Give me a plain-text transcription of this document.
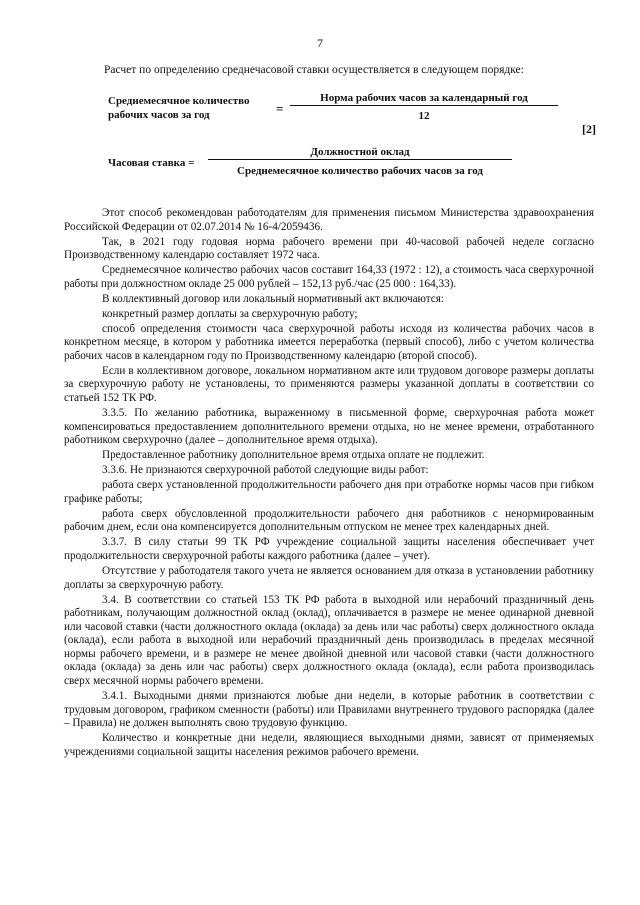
7
Расчет по определению среднечасовой ставки осуществляется в следующем порядке:
Среднемесячное количество
рабочих часов за год	=
Норма рабочих часов за календарный год
12
[2]
Часовая ставка =
Должностной оклад
Среднемесячное количество рабочих часов за год

Этот способ рекомендован работодателям для применения письмом Министерства здравоохранения Российской Федерации от 02.07.2014 № 16-4/2059436.

Так, в 2021 году годовая норма рабочего времени при 40-часовой рабочей неделе согласно Производственному календарю составляет 1972 часа.

Среднемесячное количество рабочих часов составит 164,33 (1972 : 12), а стоимость часа сверхурочной работы при должностном окладе 25 000 рублей – 152,13 руб./час (25 000 : 164,33).

В коллективный договор или локальный нормативный акт включаются:

конкретный размер доплаты за сверхурочную работу;

способ определения стоимости часа сверхурочной работы исходя из количества рабочих часов в конкретном месяце, в котором у работника имеется переработка (первый способ), либо с учетом количества рабочих часов в календарном году по Производственному календарю (второй способ).

Если в коллективном договоре, локальном нормативном акте или трудовом договоре размеры доплаты за сверхурочную работу не установлены, то применяются размеры указанной доплаты в соответствии со статьей 152 ТК РФ.

3.3.5. По желанию работника, выраженному в письменной форме, сверхурочная работа может компенсироваться предоставлением дополнительного времени отдыха, но не менее времени, отработанного работником сверхурочно (далее – дополнительное время отдыха).

Предоставленное работнику дополнительное время отдыха оплате не подлежит.

3.3.6. Не признаются сверхурочной работой следующие виды работ:

работа сверх установленной продолжительности рабочего дня при отработке нормы часов при гибком графике работы;

работа сверх обусловленной продолжительности рабочего дня работников с ненормированным рабочим днем, если она компенсируется дополнительным отпуском не менее трех календарных дней.

3.3.7. В силу статьи 99 ТК РФ учреждение социальной защиты населения обеспечивает учет продолжительности сверхурочной работы каждого работника (далее – учет).

Отсутствие у работодателя такого учета не является основанием для отказа в установлении работнику доплаты за сверхурочную работу.

3.4. В соответствии со статьей 153 ТК РФ работа в выходной или нерабочий праздничный день работникам, получающим должностной оклад (оклад), оплачивается в размере не менее одинарной дневной или часовой ставки (части должностного оклада (оклада) за день или час работы) сверх должностного оклада (оклада), если работа в выходной или нерабочий праздничный день производилась в пределах месячной нормы рабочего времени, и в размере не менее двойной дневной или часовой ставки (части должностного оклада (оклада) за день или час работы) сверх должностного оклада (оклада), если работа производилась сверх месячной нормы рабочего времени.

3.4.1. Выходными днями признаются любые дни недели, в которые работник в соответствии с трудовым договором, графиком сменности (работы) или Правилами внутреннего трудового распорядка (далее – Правила) не должен выполнять свою трудовую функцию.

Количество и конкретные дни недели, являющиеся выходными днями, зависят от применяемых учреждениями социальной защиты населения режимов рабочего времени.
